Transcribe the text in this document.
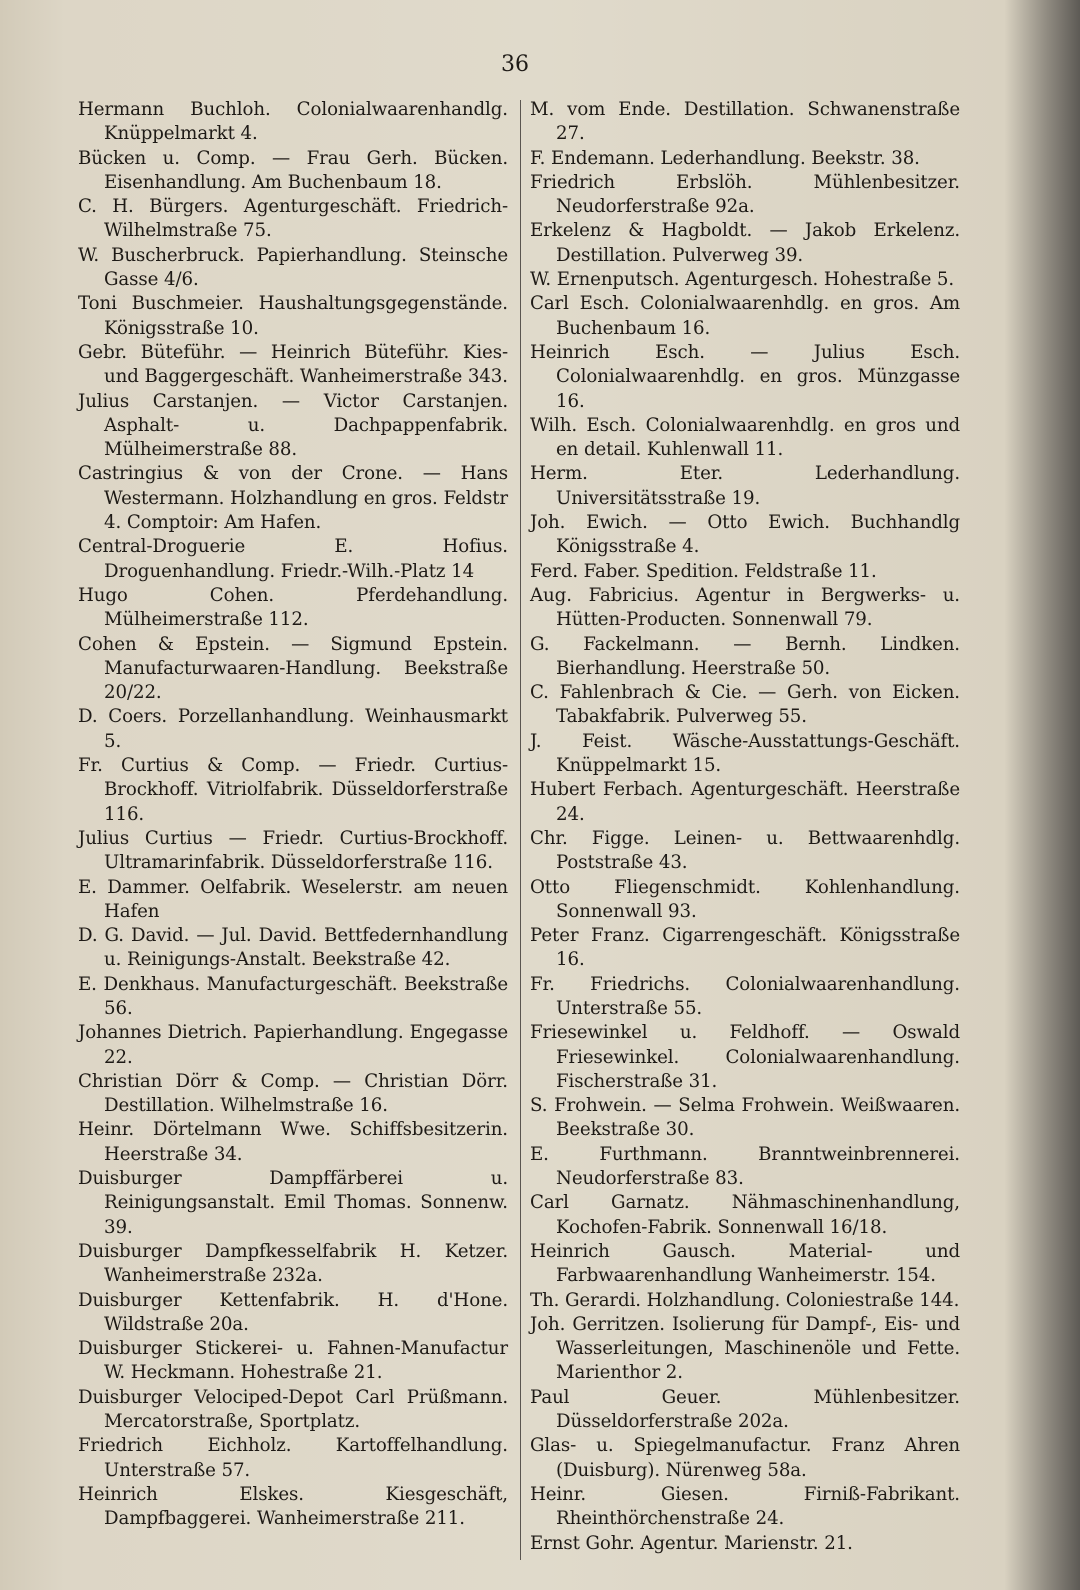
36
Hermann Buchloh. Colonialwaarenhandlg. Knüppelmarkt 4.
Bücken u. Comp. — Frau Gerh. Bücken. Eisenhandlung. Am Buchenbaum 18.
C. H. Bürgers. Agenturgeschäft. Friedrich-Wilhelmstraße 75.
W. Buscherbruck. Papierhandlung. Steinsche Gasse 4/6.
Toni Buschmeier. Haushaltungsgegenstände. Königsstraße 10.
Gebr. Büteführ. — Heinrich Büteführ. Kies- und Baggergeschäft. Wanheimerstraße 343.
Julius Carstanjen. — Victor Carstanjen. Asphalt- u. Dachpappenfabrik. Mülheimerstraße 88.
Castringius & von der Crone. — Hans Westermann. Holzhandlung en gros. Feldstr 4. Comptoir: Am Hafen.
Central-Droguerie E. Hofius. Droguenhandlung. Friedr.-Wilh.-Platz 14
Hugo Cohen. Pferdehandlung. Mülheimerstraße 112.
Cohen & Epstein. — Sigmund Epstein. Manufacturwaaren-Handlung. Beekstraße 20/22.
D. Coers. Porzellanhandlung. Weinhausmarkt 5.
Fr. Curtius & Comp. — Friedr. Curtius-Brockhoff. Vitriolfabrik. Düsseldorferstraße 116.
Julius Curtius — Friedr. Curtius-Brockhoff. Ultramarinfabrik. Düsseldorferstraße 116.
E. Dammer. Oelfabrik. Weselerstr. am neuen Hafen
D. G. David. — Jul. David. Bettfedernhandlung u. Reinigungs-Anstalt. Beekstraße 42.
E. Denkhaus. Manufacturgeschäft. Beekstraße 56.
Johannes Dietrich. Papierhandlung. Engegasse 22.
Christian Dörr & Comp. — Christian Dörr. Destillation. Wilhelmstraße 16.
Heinr. Dörtelmann Wwe. Schiffsbesitzerin. Heerstraße 34.
Duisburger Dampffärberei u. Reinigungsanstalt. Emil Thomas. Sonnenw. 39.
Duisburger Dampfkesselfabrik H. Ketzer. Wanheimerstraße 232a.
Duisburger Kettenfabrik. H. d'Hone. Wildstraße 20a.
Duisburger Stickerei- u. Fahnen-Manufactur W. Heckmann. Hohestraße 21.
Duisburger Velociped-Depot Carl Prüßmann. Mercatorstraße, Sportplatz.
Friedrich Eichholz. Kartoffelhandlung. Unterstraße 57.
Heinrich Elskes. Kiesgeschäft, Dampfbaggerei. Wanheimerstraße 211.
M. vom Ende. Destillation. Schwanenstraße 27.
F. Endemann. Lederhandlung. Beekstr. 38.
Friedrich Erbslöh. Mühlenbesitzer. Neudorferstraße 92a.
Erkelenz & Hagboldt. — Jakob Erkelenz. Destillation. Pulverweg 39.
W. Ernenputsch. Agenturgesch. Hohestraße 5.
Carl Esch. Colonialwaarenhdlg. en gros. Am Buchenbaum 16.
Heinrich Esch. — Julius Esch. Colonialwaarenhdlg. en gros. Münzgasse 16.
Wilh. Esch. Colonialwaarenhdlg. en gros und en detail. Kuhlenwall 11.
Herm. Eter. Lederhandlung. Universitätsstraße 19.
Joh. Ewich. — Otto Ewich. Buchhandlg Königsstraße 4.
Ferd. Faber. Spedition. Feldstraße 11.
Aug. Fabricius. Agentur in Bergwerks- u. Hütten-Producten. Sonnenwall 79.
G. Fackelmann. — Bernh. Lindken. Bierhandlung. Heerstraße 50.
C. Fahlenbrach & Cie. — Gerh. von Eicken. Tabakfabrik. Pulverweg 55.
J. Feist. Wäsche-Ausstattungs-Geschäft. Knüppelmarkt 15.
Hubert Ferbach. Agenturgeschäft. Heerstraße 24.
Chr. Figge. Leinen- u. Bettwaarenhdlg. Poststraße 43.
Otto Fliegenschmidt. Kohlenhandlung. Sonnenwall 93.
Peter Franz. Cigarrengeschäft. Königsstraße 16.
Fr. Friedrichs. Colonialwaarenhandlung. Unterstraße 55.
Friesewinkel u. Feldhoff. — Oswald Friesewinkel. Colonialwaarenhandlung. Fischerstraße 31.
S. Frohwein. — Selma Frohwein. Weißwaaren. Beekstraße 30.
E. Furthmann. Branntweinbrennerei. Neudorferstraße 83.
Carl Garnatz. Nähmaschinenhandlung, Kochofen-Fabrik. Sonnenwall 16/18.
Heinrich Gausch. Material- und Farbwaarenhandlung Wanheimerstr. 154.
Th. Gerardi. Holzhandlung. Coloniestraße 144.
Joh. Gerritzen. Isolierung für Dampf-, Eis- und Wasserleitungen, Maschinenöle und Fette. Marienthor 2.
Paul Geuer. Mühlenbesitzer. Düsseldorferstraße 202a.
Glas- u. Spiegelmanufactur. Franz Ahren (Duisburg). Nürenweg 58a.
Heinr. Giesen. Firniß-Fabrikant. Rheinthörchenstraße 24.
Ernst Gohr. Agentur. Marienstr. 21.
